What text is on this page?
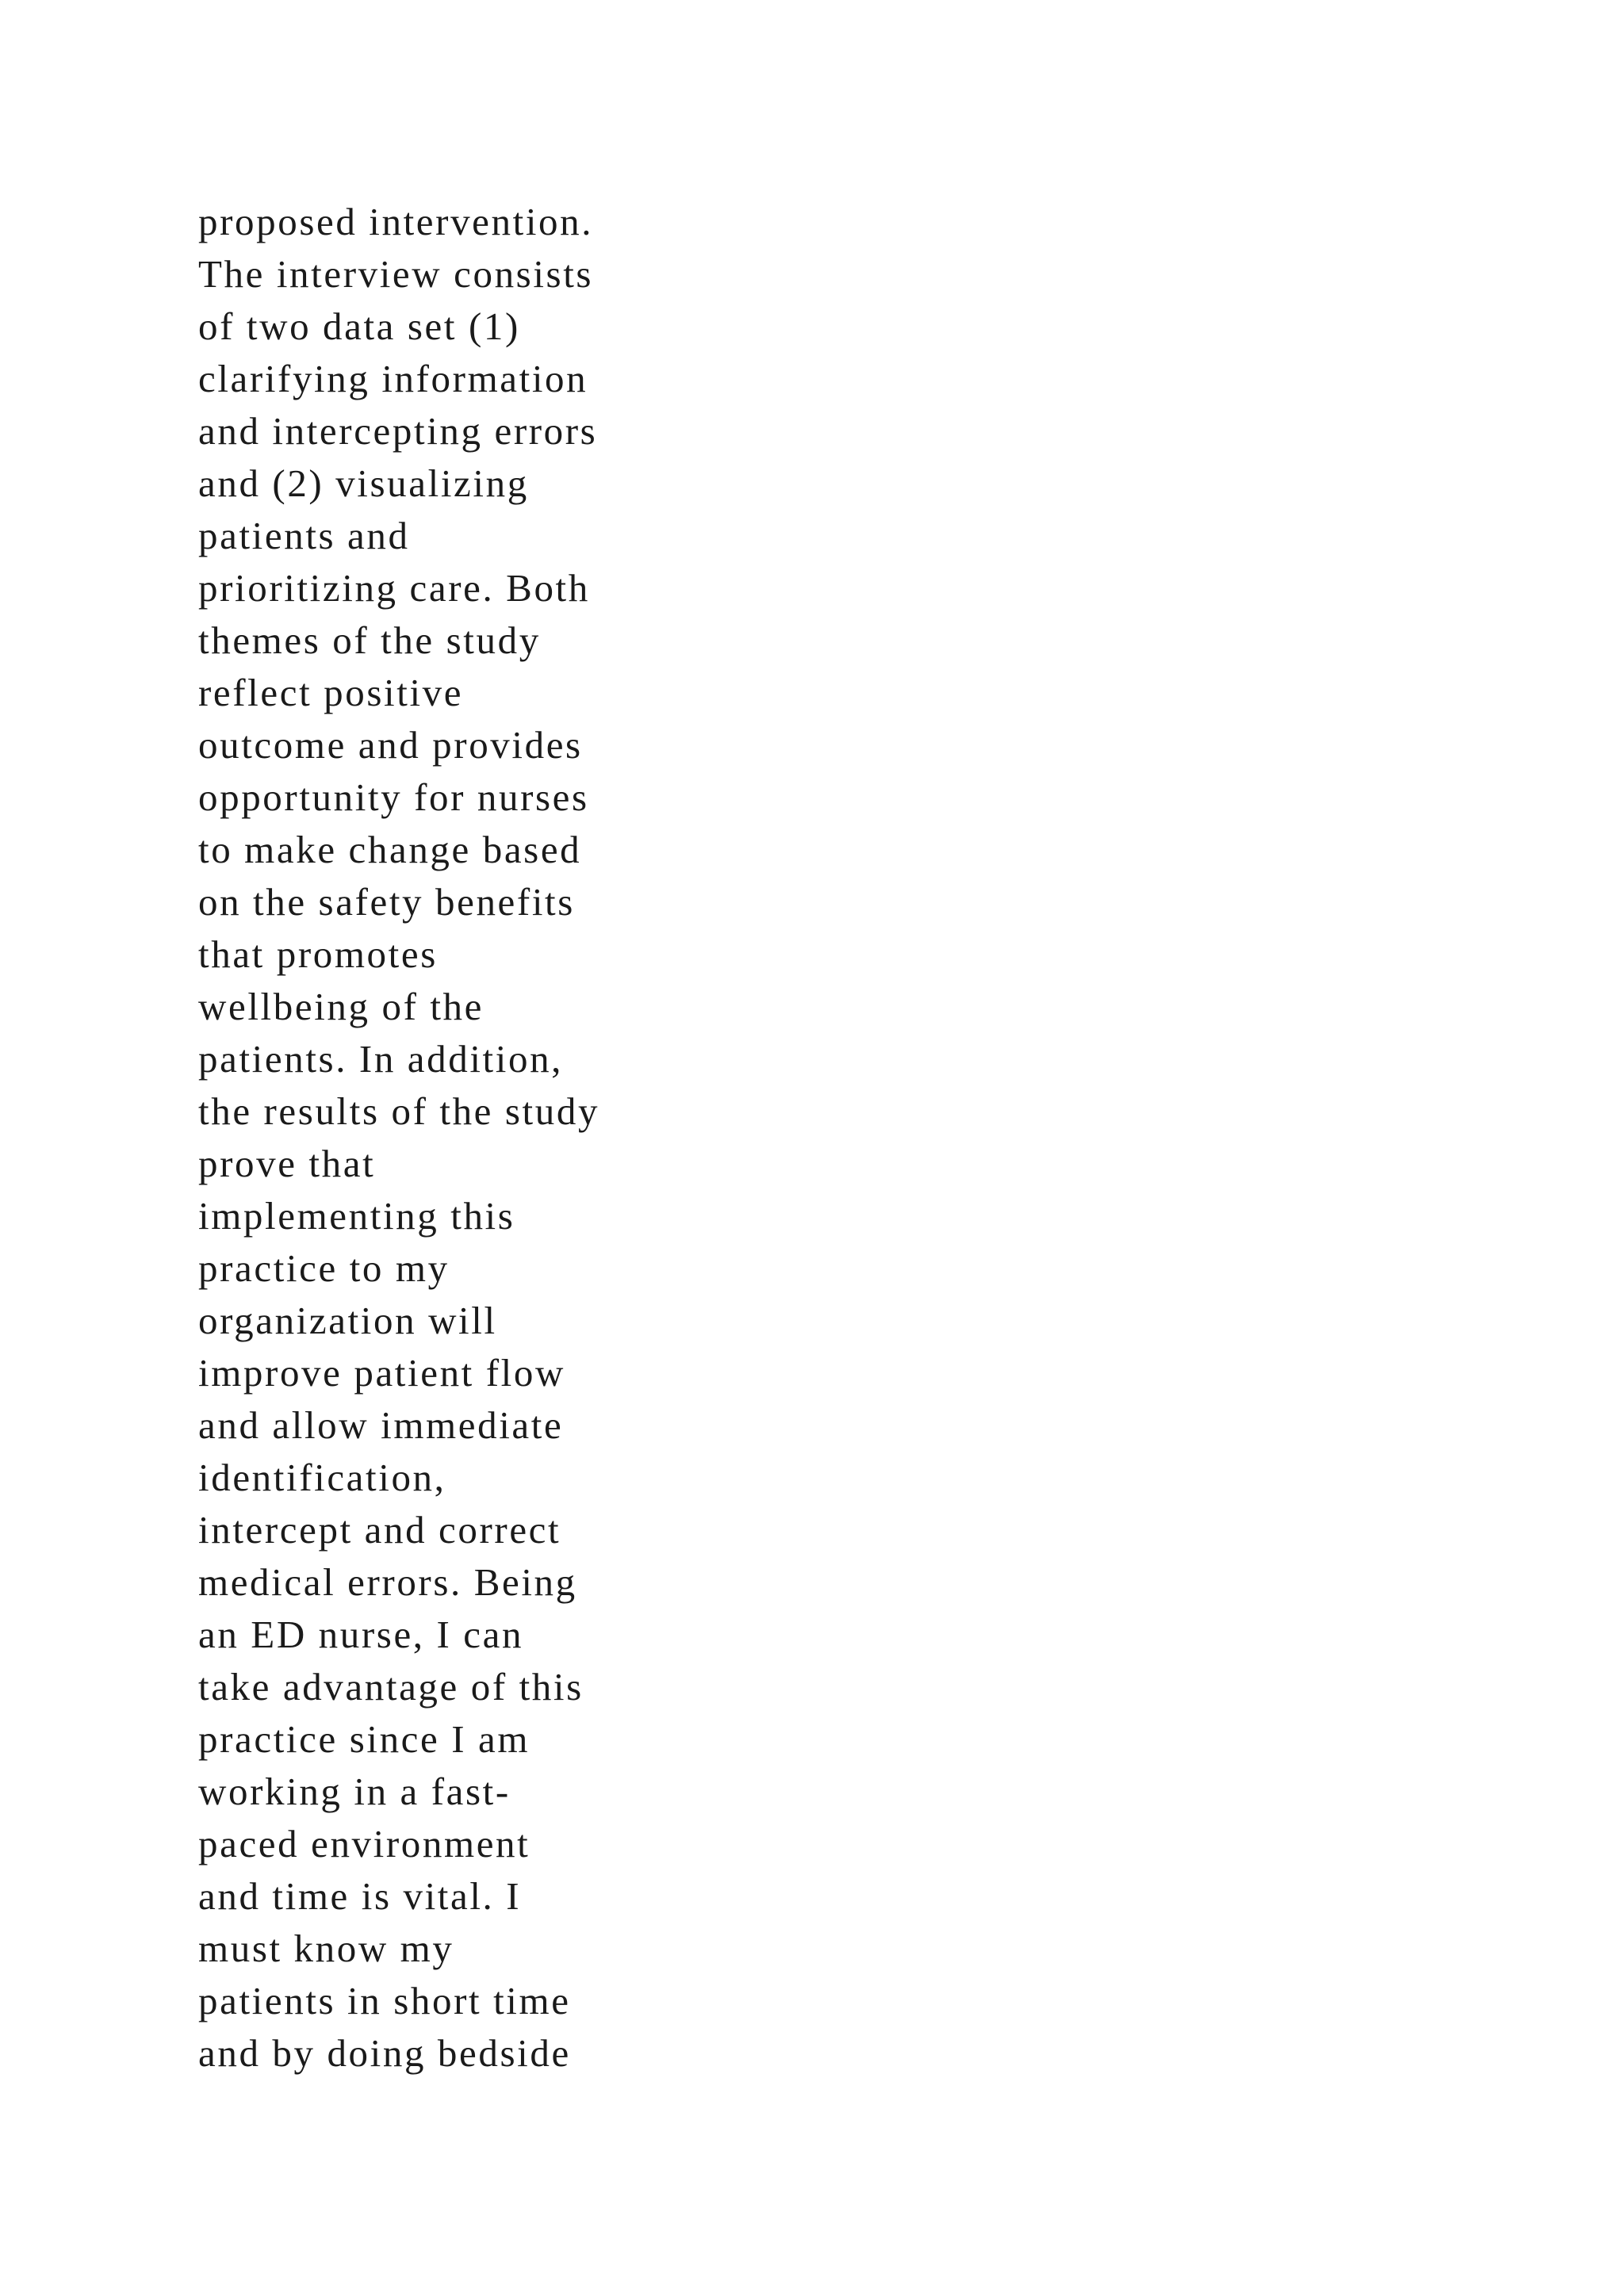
proposed intervention.
The interview consists
of two data set (1)
clarifying information
and intercepting errors
and (2) visualizing
patients and
prioritizing care. Both
themes of the study
reflect positive
outcome and provides
opportunity for nurses
to make change based
on the safety benefits
that promotes
wellbeing of the
patients. In addition,
the results of the study
prove that
implementing this
practice to my
organization will
improve patient flow
and allow immediate
identification,
intercept and correct
medical errors. Being
an ED nurse, I can
take advantage of this
practice since I am
working in a fast-
paced environment
and time is vital. I
must know my
patients in short time
and by doing bedside
